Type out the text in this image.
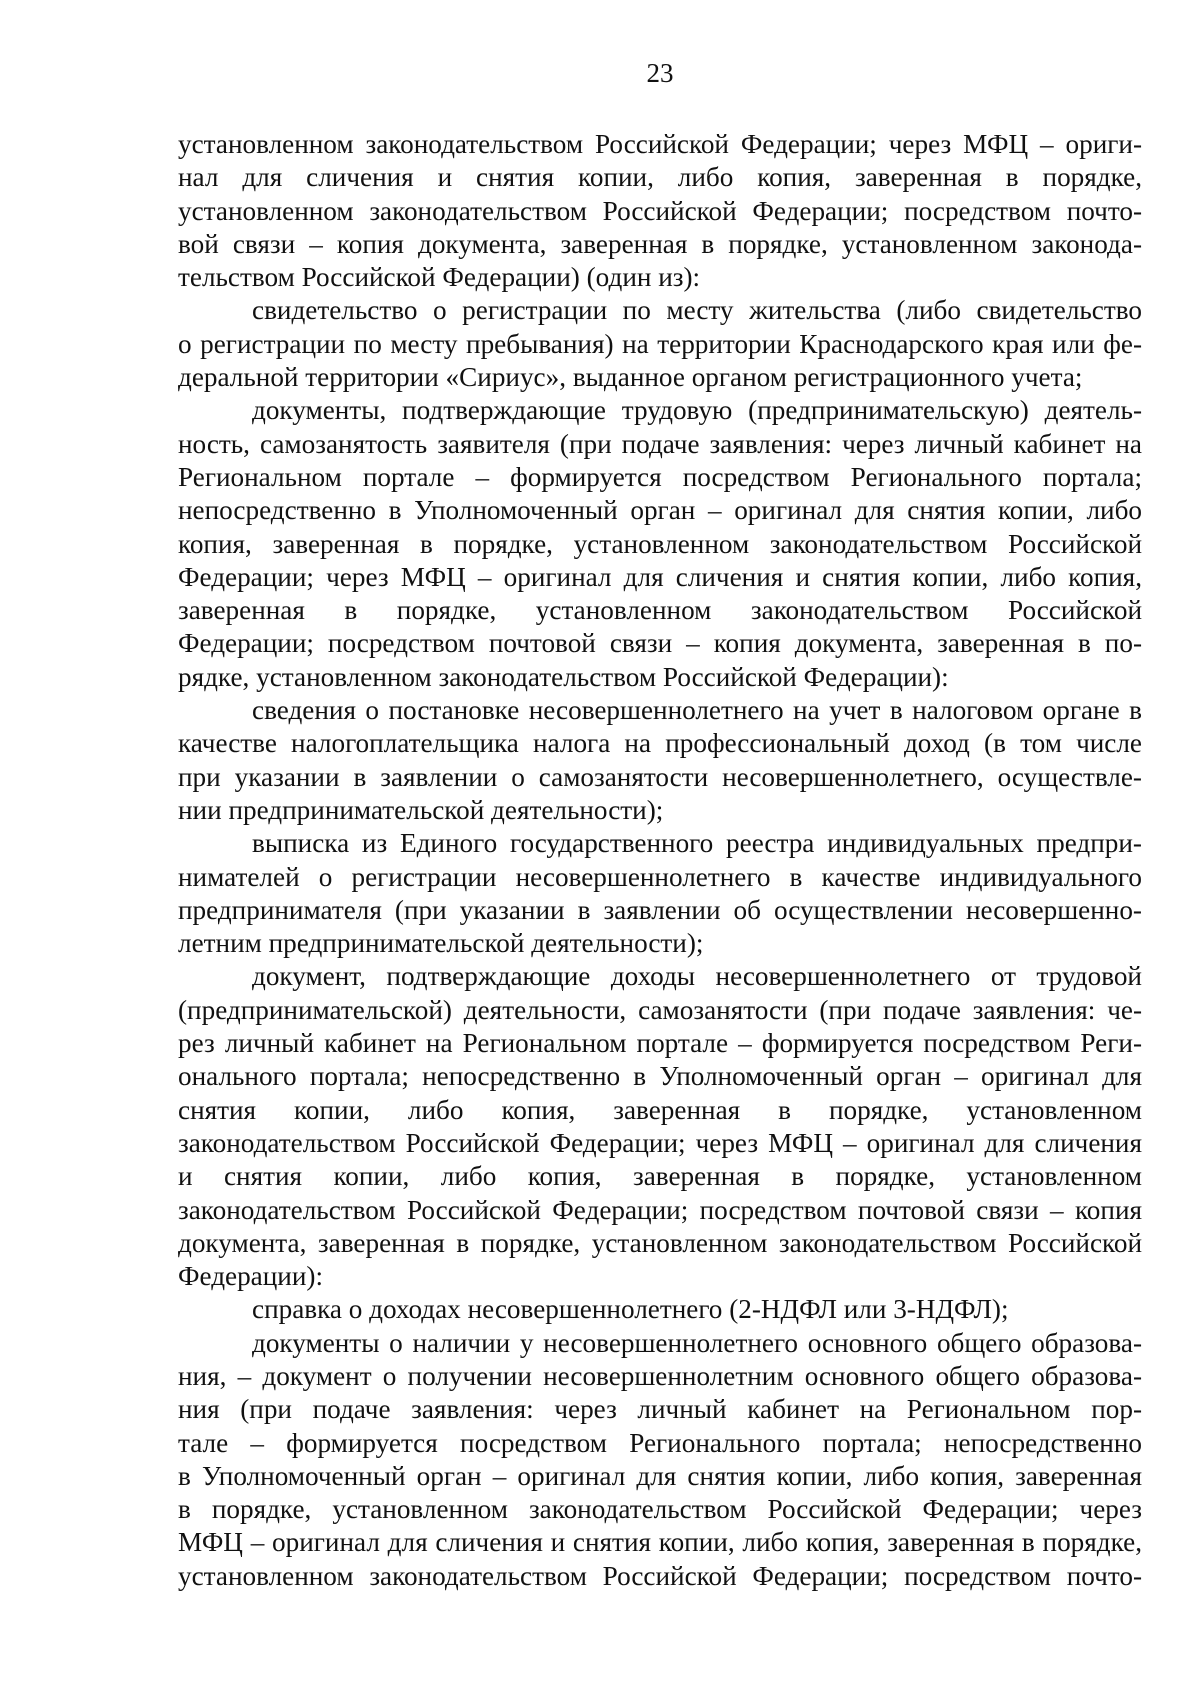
23
установленном законодательством Российской Федерации; через МФЦ – ориги-
нал для сличения и снятия копии, либо копия, заверенная в порядке,
установленном законодательством Российской Федерации; посредством почто-
вой связи – копия документа, заверенная в порядке, установленном законода-
тельством Российской Федерации) (один из):
свидетельство о регистрации по месту жительства (либо свидетельство
о регистрации по месту пребывания) на территории Краснодарского края или фе-
деральной территории «Сириус», выданное органом регистрационного учета;
документы, подтверждающие трудовую (предпринимательскую) деятель-
ность, самозанятость заявителя (при подаче заявления: через личный кабинет на
Региональном портале – формируется посредством Регионального портала;
непосредственно в Уполномоченный орган – оригинал для снятия копии, либо
копия, заверенная в порядке, установленном законодательством Российской
Федерации; через МФЦ – оригинал для сличения и снятия копии, либо копия,
заверенная в порядке, установленном законодательством Российской
Федерации; посредством почтовой связи – копия документа, заверенная в по-
рядке, установленном законодательством Российской Федерации):
сведения о постановке несовершеннолетнего на учет в налоговом органе в
качестве налогоплательщика налога на профессиональный доход (в том числе
при указании в заявлении о самозанятости несовершеннолетнего, осуществле-
нии предпринимательской деятельности);
выписка из Единого государственного реестра индивидуальных предпри-
нимателей о регистрации несовершеннолетнего в качестве индивидуального
предпринимателя (при указании в заявлении об осуществлении несовершенно-
летним предпринимательской деятельности);
документ, подтверждающие доходы несовершеннолетнего от трудовой
(предпринимательской) деятельности, самозанятости (при подаче заявления: че-
рез личный кабинет на Региональном портале – формируется посредством Реги-
онального портала; непосредственно в Уполномоченный орган – оригинал для
снятия копии, либо копия, заверенная в порядке, установленном
законодательством Российской Федерации; через МФЦ – оригинал для сличения
и снятия копии, либо копия, заверенная в порядке, установленном
законодательством Российской Федерации; посредством почтовой связи – копия
документа, заверенная в порядке, установленном законодательством Российской
Федерации):
справка о доходах несовершеннолетнего (2-НДФЛ или 3-НДФЛ);
документы о наличии у несовершеннолетнего основного общего образова-
ния, – документ о получении несовершеннолетним основного общего образова-
ния (при подаче заявления: через личный кабинет на Региональном пор-
тале – формируется посредством Регионального портала; непосредственно
в Уполномоченный орган – оригинал для снятия копии, либо копия, заверенная
в порядке, установленном законодательством Российской Федерации; через
МФЦ – оригинал для сличения и снятия копии, либо копия, заверенная в порядке,
установленном законодательством Российской Федерации; посредством почто-
